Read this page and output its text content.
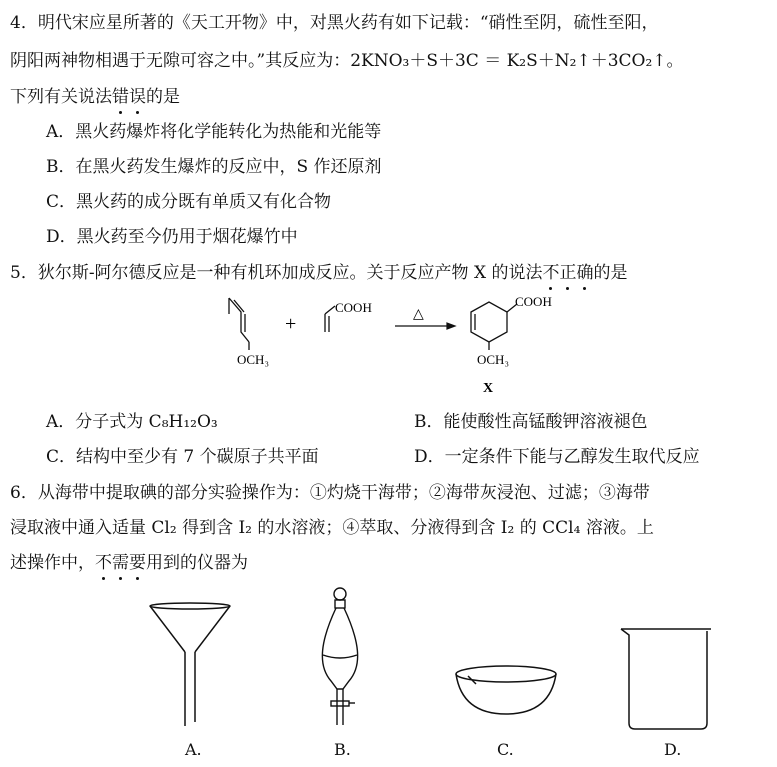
4．明代宋应星所著的《天工开物》中，对黑火药有如下记载：“硝性至阴，硫性至阳，
阴阳两神物相遇于无隙可容之中。”其反应为：2KNO₃＋S＋3C ＝ K₂S＋N₂↑＋3CO₂↑。
下列有关说法错误的是
A．黑火药爆炸将化学能转化为热能和光能等
B．在黑火药发生爆炸的反应中，S 作还原剂
C．黑火药的成分既有单质又有化合物
D．黑火药至今仍用于烟花爆竹中
5．狄尔斯-阿尔德反应是一种有机环加成反应。关于反应产物 X 的说法不正确的是
OCH₃
+
COOH	△
COOH
OCH₃
X
A．分子式为 C₈H₁₂O₃	B．能使酸性高锰酸钾溶液褪色
C．结构中至少有 7 个碳原子共平面	D．一定条件下能与乙醇发生取代反应
6．从海带中提取碘的部分实验操作为：①灼烧干海带；②海带灰浸泡、过滤；③海带
浸取液中通入适量 Cl₂ 得到含 I₂ 的水溶液；④萃取、分液得到含 I₂ 的 CCl₄ 溶液。上
述操作中，不需要用到的仪器为
A.	B.	C.	D.
